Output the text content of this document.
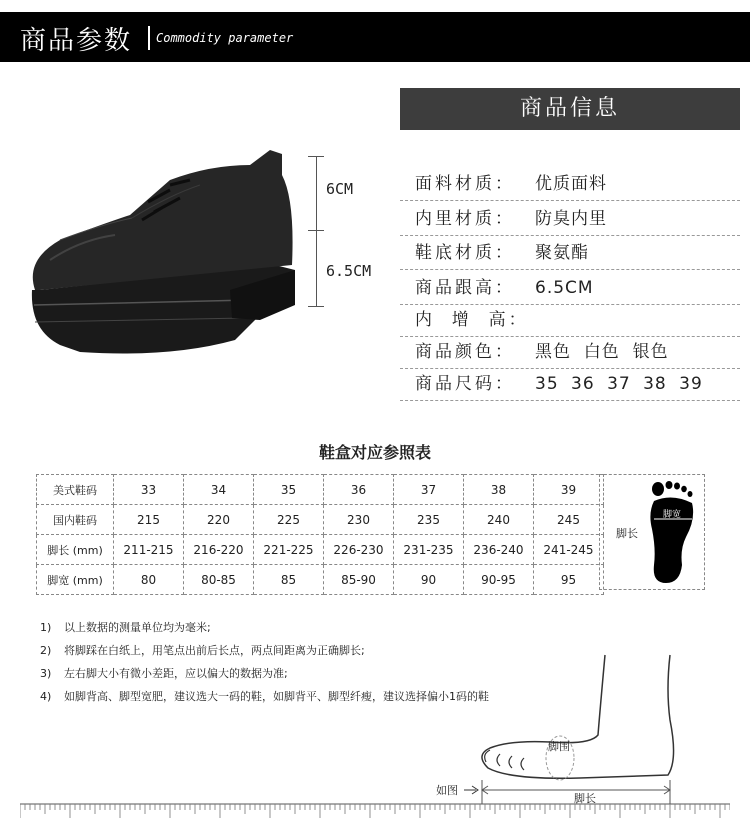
商品参数 Commodity parameter
6CM
6.5CM
商品信息
面料材质： 优质面料
内里材质： 防臭内里
鞋底材质： 聚氨酯
商品跟高： 6.5CM
内  增  高：
商品颜色： 黑色  白色  银色
商品尺码： 35 36 37 38 39
鞋盒对应参照表
美式鞋码	33	34	35	36	37	38	39
国内鞋码	215	220	225	230	235	240	245
脚长 (mm)	211-215	216-220	221-225	226-230	231-235	236-240	241-245
脚宽 (mm)	80	80-85	85	85-90	90	90-95	95
脚长
脚宽
1) 以上数据的测量单位均为毫米;
2) 将脚踩在白纸上，用笔点出前后长点，两点间距离为正确脚长;
3) 左右脚大小有微小差距，应以偏大的数据为准;
4) 如脚背高、脚型宽肥，建议选大一码的鞋，如脚背平、脚型纤瘦，建议选择偏小1码的鞋
脚围
如图
脚长
